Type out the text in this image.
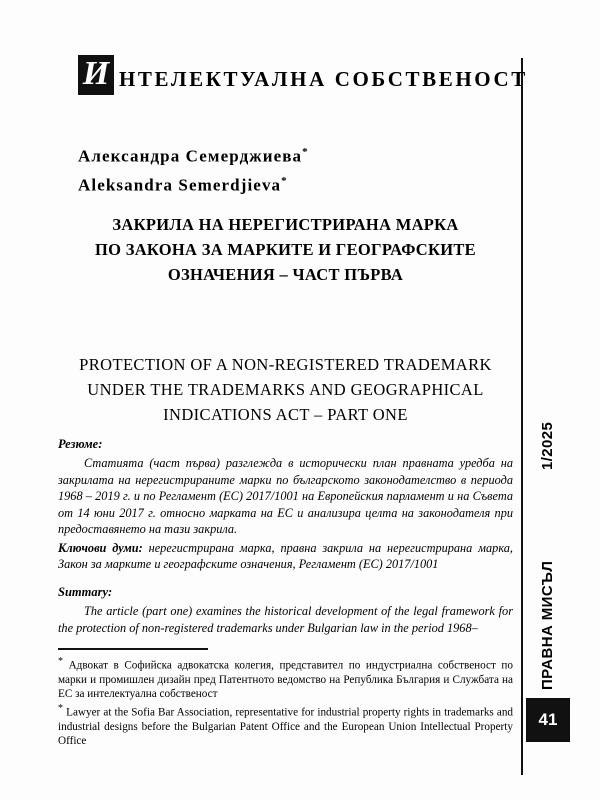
И НТЕЛЕКТУАЛНА СОБСТВЕНОСТ
Александра Семерджиева*
Aleksandra Semerdjieva*
ЗАКРИЛА НА НЕРЕГИСТРИРАНА МАРКА
ПО ЗАКОНА ЗА МАРКИТЕ И ГЕОГРАФСКИТЕ
ОЗНАЧЕНИЯ – ЧАСТ ПЪРВА
PROTECTION OF A NON-REGISTERED TRADEMARK
UNDER THE TRADEMARKS AND GEOGRAPHICAL
INDICATIONS ACT – PART ONE
Резюме:
Статията (част първа) разглежда в исторически план правната уредба на закрилата на нерегистрираните марки по българското законодателство в периода 1968 – 2019 г. и по Регламент (ЕС) 2017/1001 на Европейския парламент и на Съвета от 14 юни 2017 г. относно марката на ЕС и анализира целта на законодателя при предоставянето на тази закрила.
Ключови думи: нерегистрирана марка, правна закрила на нерегистрирана марка, Закон за марките и географските означения, Регламент (ЕС) 2017/1001
Summary:
The article (part one) examines the historical development of the legal framework for the protection of non-registered trademarks under Bulgarian law in the period 1968–
* Адвокат в Софийска адвокатска колегия, представител по индустриална собственост по марки и промишлен дизайн пред Патентното ведомство на Република България и Службата на ЕС за интелектуална собственост
* Lawyer at the Sofia Bar Association, representative for industrial property rights in trademarks and industrial designs before the Bulgarian Patent Office and the European Union Intellectual Property Office
1/2025
ПРАВНА МИСЪЛ
41
